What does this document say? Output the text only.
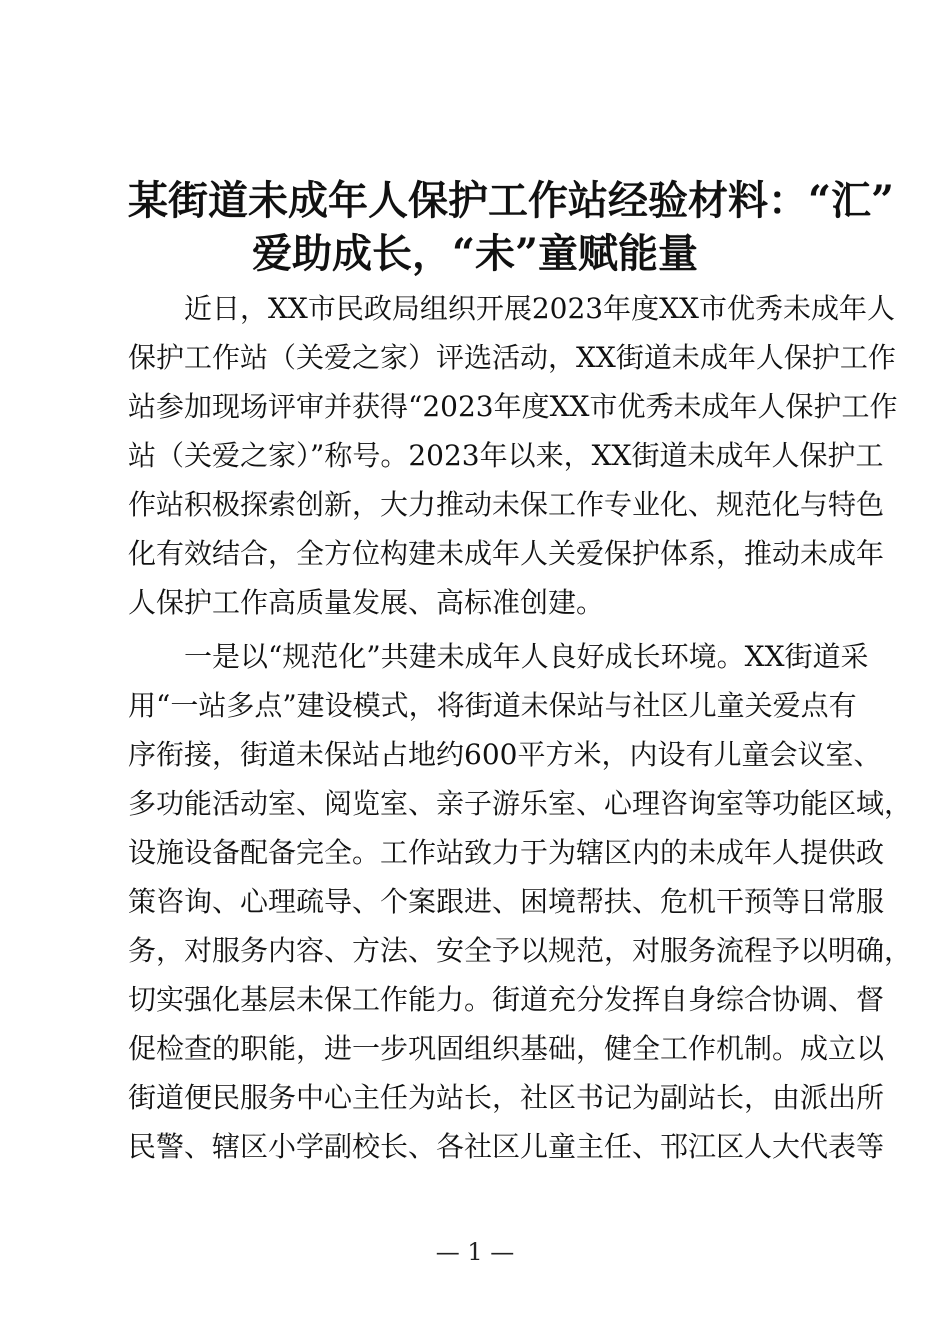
某街道未成年人保护工作站经验材料：“汇”
爱助成长，“未”童赋能量
　　近日，XX市民政局组织开展2023年度XX市优秀未成年人
保护工作站（关爱之家）评选活动，XX街道未成年人保护工作
站参加现场评审并获得“2023年度XX市优秀未成年人保护工作
站（关爱之家）”称号。2023年以来，XX街道未成年人保护工
作站积极探索创新，大力推动未保工作专业化、规范化与特色
化有效结合，全方位构建未成年人关爱保护体系，推动未成年
人保护工作高质量发展、高标准创建。
　　一是以“规范化”共建未成年人良好成长环境。XX街道采
用“一站多点”建设模式，将街道未保站与社区儿童关爱点有
序衔接，街道未保站占地约600平方米，内设有儿童会议室、
多功能活动室、阅览室、亲子游乐室、心理咨询室等功能区域，
设施设备配备完全。工作站致力于为辖区内的未成年人提供政
策咨询、心理疏导、个案跟进、困境帮扶、危机干预等日常服
务，对服务内容、方法、安全予以规范，对服务流程予以明确，
切实强化基层未保工作能力。街道充分发挥自身综合协调、督
促检查的职能，进一步巩固组织基础，健全工作机制。成立以
街道便民服务中心主任为站长，社区书记为副站长，由派出所
民警、辖区小学副校长、各社区儿童主任、邗江区人大代表等
— 1 —
